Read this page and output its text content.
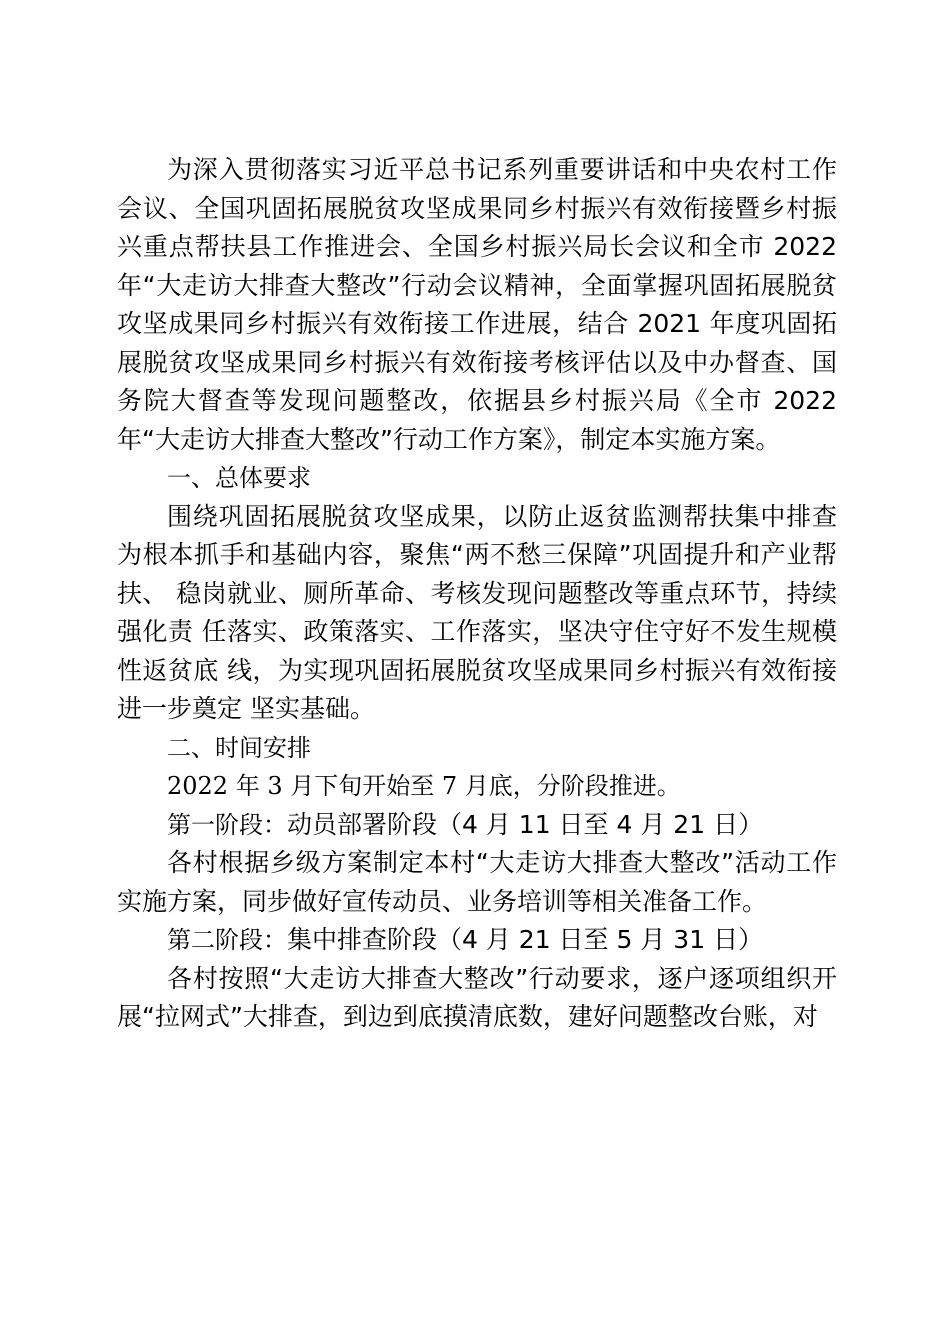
为深入贯彻落实习近平总书记系列重要讲话和中央农村工作会议、全国巩固拓展脱贫攻坚成果同乡村振兴有效衔接暨乡村振兴重点帮扶县工作推进会、全国乡村振兴局长会议和全市 2022 年“大走访大排查大整改”行动会议精神，全面掌握巩固拓展脱贫攻坚成果同乡村振兴有效衔接工作进展，结合 2021 年度巩固拓展脱贫攻坚成果同乡村振兴有效衔接考核评估以及中办督查、国务院大督查等发现问题整改，依据县乡村振兴局《全市 2022 年“大走访大排查大整改”行动工作方案》，制定本实施方案。

一、总体要求

围绕巩固拓展脱贫攻坚成果，以防止返贫监测帮扶集中排查为根本抓手和基础内容，聚焦“两不愁三保障”巩固提升和产业帮扶、 稳岗就业、厕所革命、考核发现问题整改等重点环节，持续强化责 任落实、政策落实、工作落实，坚决守住守好不发生规模性返贫底 线，为实现巩固拓展脱贫攻坚成果同乡村振兴有效衔接进一步奠定 坚实基础。

二、时间安排

2022 年 3 月下旬开始至 7 月底，分阶段推进。

第一阶段：动员部署阶段（4 月 11 日至 4 月 21 日）

各村根据乡级方案制定本村“大走访大排查大整改”活动工作实施方案，同步做好宣传动员、业务培训等相关准备工作。

第二阶段：集中排查阶段（4 月 21 日至 5 月 31 日）

各村按照“大走访大排查大整改”行动要求，逐户逐项组织开展“拉网式”大排查，到边到底摸清底数，建好问题整改台账，对
